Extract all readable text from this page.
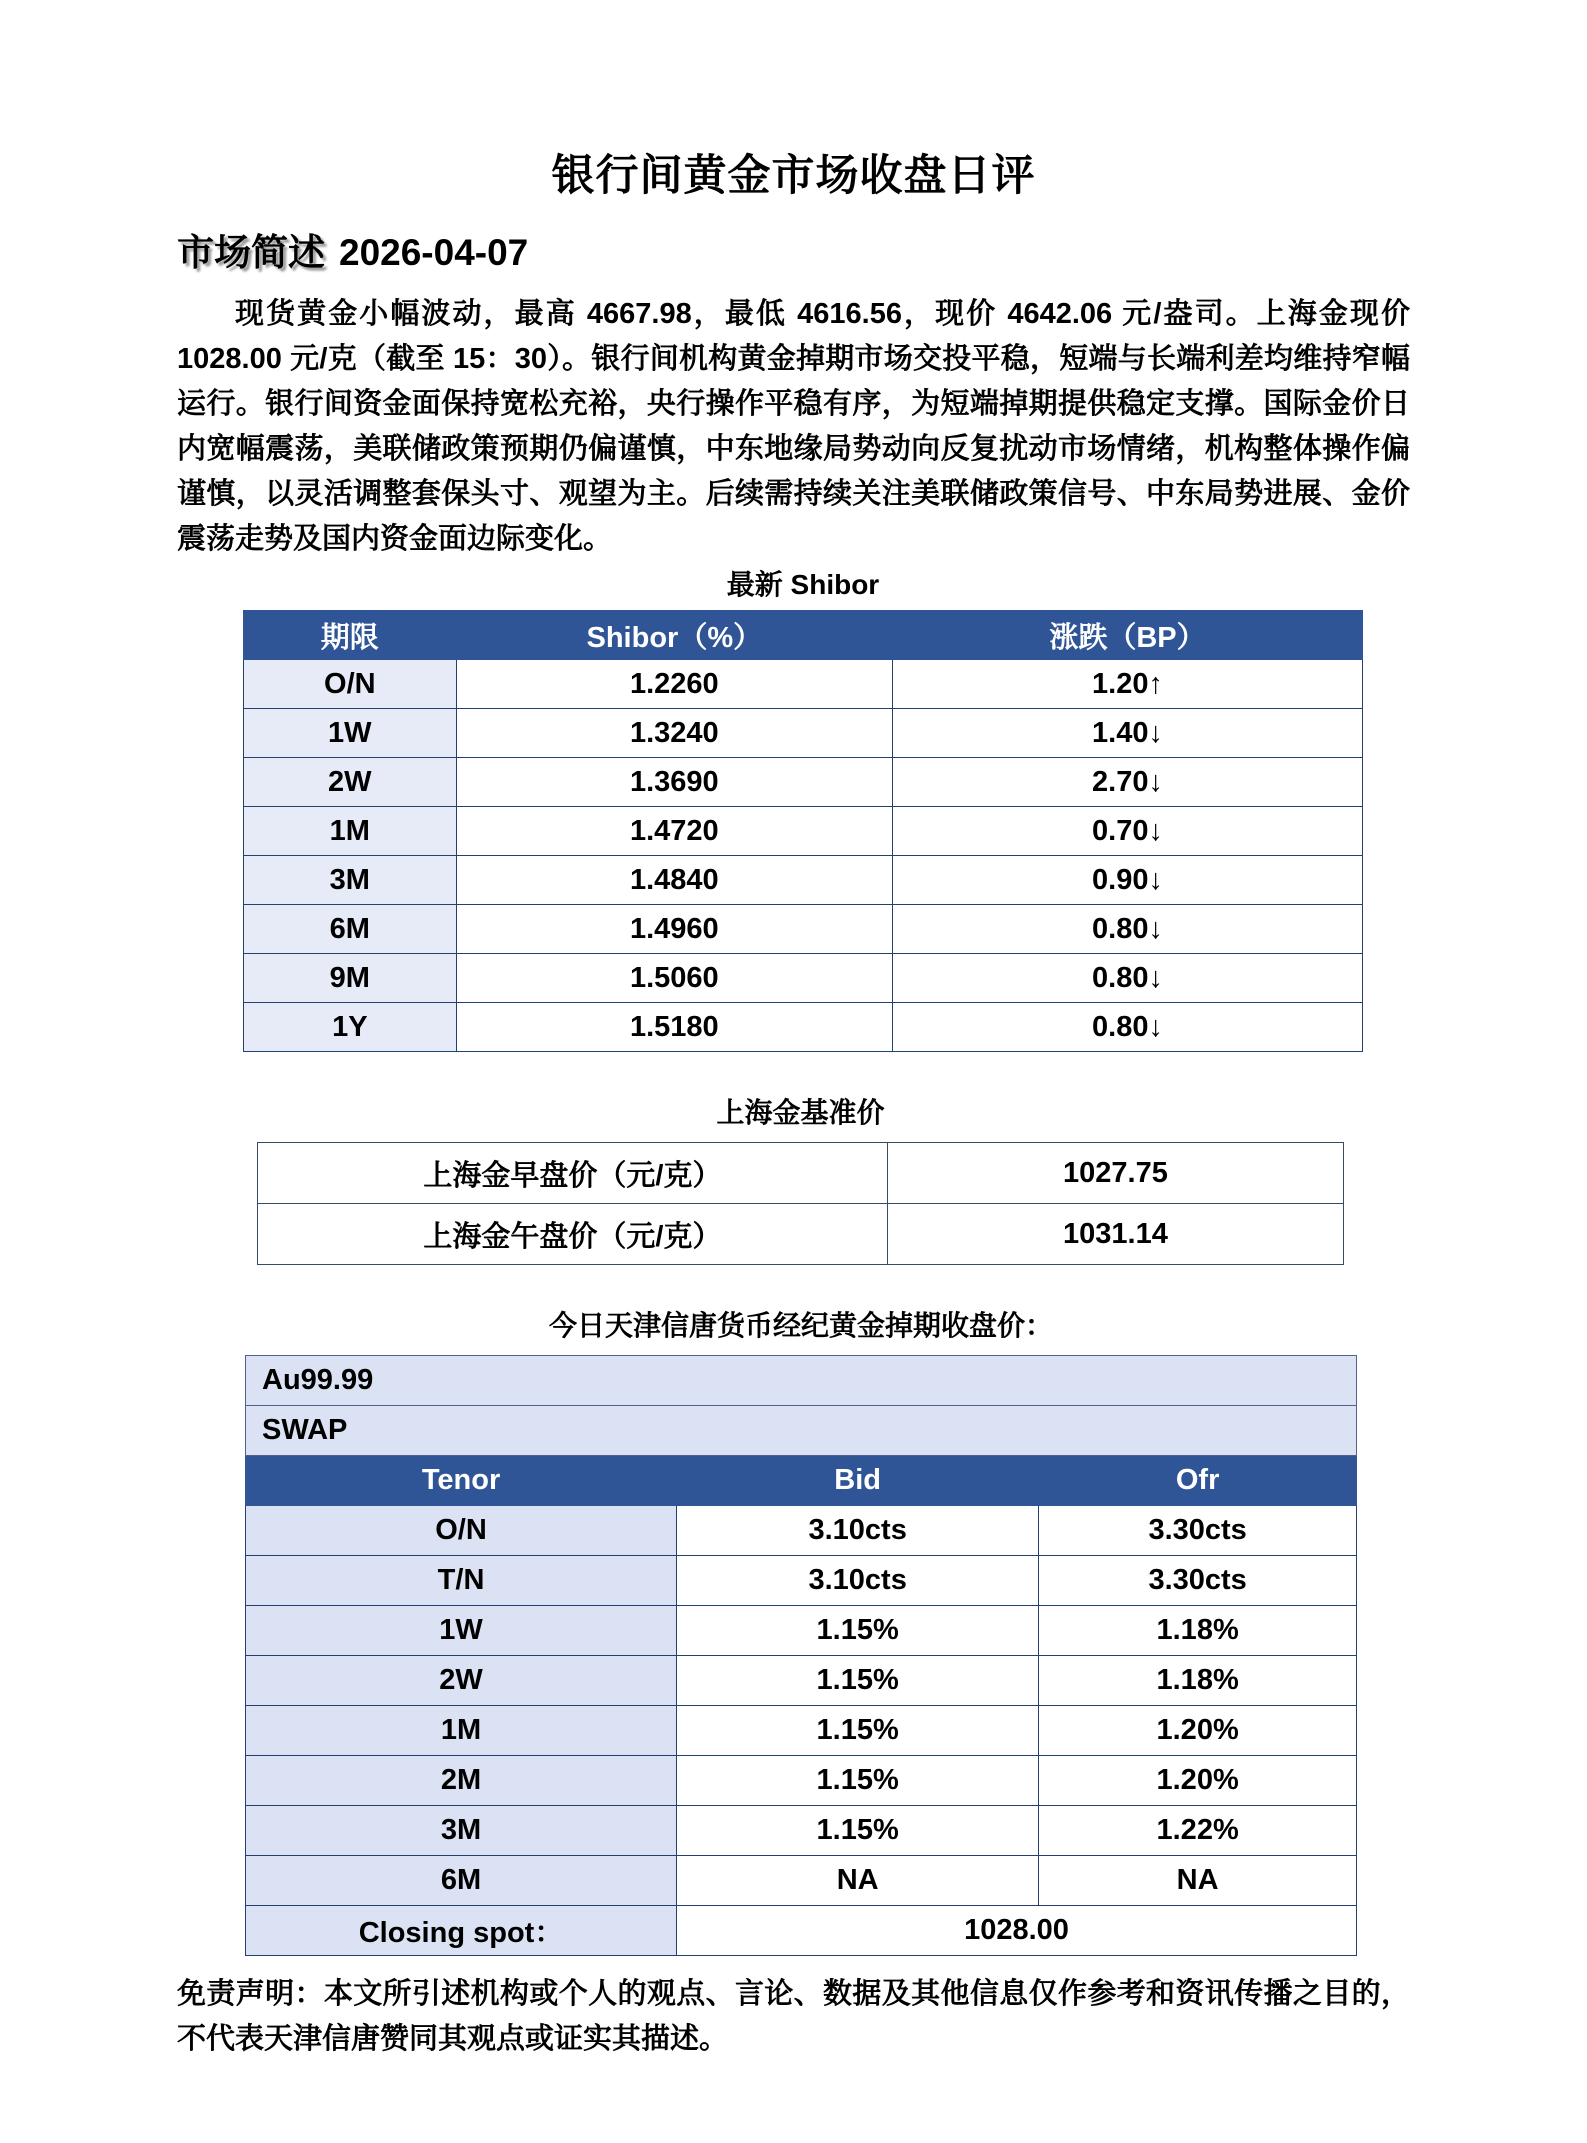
银行间黄金市场收盘日评
市场简述 2026-04-07

现货黄金小幅波动，最高 4667.98，最低 4616.56，现价 4642.06 元/盎司。上海金现价 1028.00 元/克（截至 15：30）。银行间机构黄金掉期市场交投平稳，短端与长端利差均维持窄幅运行。银行间资金面保持宽松充裕，央行操作平稳有序，为短端掉期提供稳定支撑。国际金价日内宽幅震荡，美联储政策预期仍偏谨慎，中东地缘局势动向反复扰动市场情绪，机构整体操作偏谨慎，以灵活调整套保头寸、观望为主。后续需持续关注美联储政策信号、中东局势进展、金价震荡走势及国内资金面边际变化。

最新 Shibor
期限	Shibor（%）	涨跌（BP）
O/N	1.2260	1.20↑
1W	1.3240	1.40↓
2W	1.3690	2.70↓
1M	1.4720	0.70↓
3M	1.4840	0.90↓
6M	1.4960	0.80↓
9M	1.5060	0.80↓
1Y	1.5180	0.80↓
上海金基准价
上海金早盘价（元/克）	1027.75
上海金午盘价（元/克）	1031.14
今日天津信唐货币经纪黄金掉期收盘价：
Au99.99		
SWAP		
Tenor	Bid	Ofr
O/N	3.10cts	3.30cts
T/N	3.10cts	3.30cts
1W	1.15%	1.18%
2W	1.15%	1.18%
1M	1.15%	1.20%
2M	1.15%	1.20%
3M	1.15%	1.22%
6M	NA	NA
Closing spot：	1028.00	

免责声明：本文所引述机构或个人的观点、言论、数据及其他信息仅作参考和资讯传播之目的，不代表天津信唐赞同其观点或证实其描述。
